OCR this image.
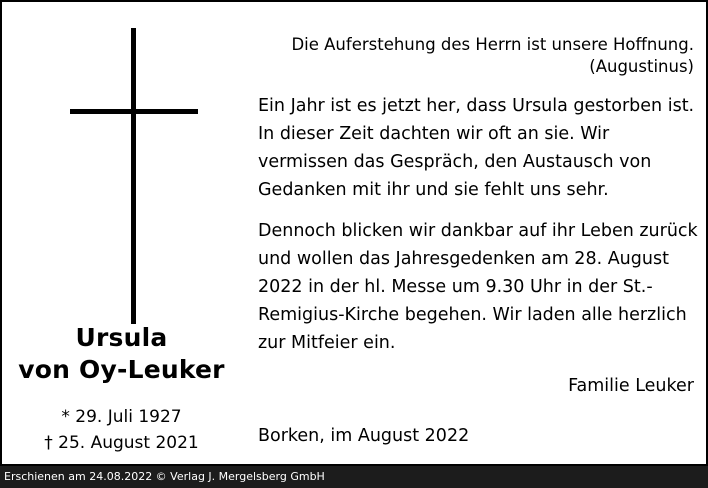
Ursula
von Oy-Leuker
* 29. Juli 1927
† 25. August 2021
Die Auferstehung des Herrn ist unsere Hoffnung.
(Augustinus)
Ein Jahr ist es jetzt her, dass Ursula gestorben ist. In dieser Zeit dachten wir oft an sie. Wir vermissen das Gespräch, den Austausch von Gedanken mit ihr und sie fehlt uns sehr.
Dennoch blicken wir dankbar auf ihr Leben zurück und wollen das Jahresgedenken am 28. August 2022 in der hl. Messe um 9.30 Uhr in der St.-Remigius-Kirche begehen. Wir laden alle herzlich zur Mitfeier ein.
Familie Leuker
Borken, im August 2022
Erschienen am 24.08.2022 © Verlag J. Mergelsberg GmbH
